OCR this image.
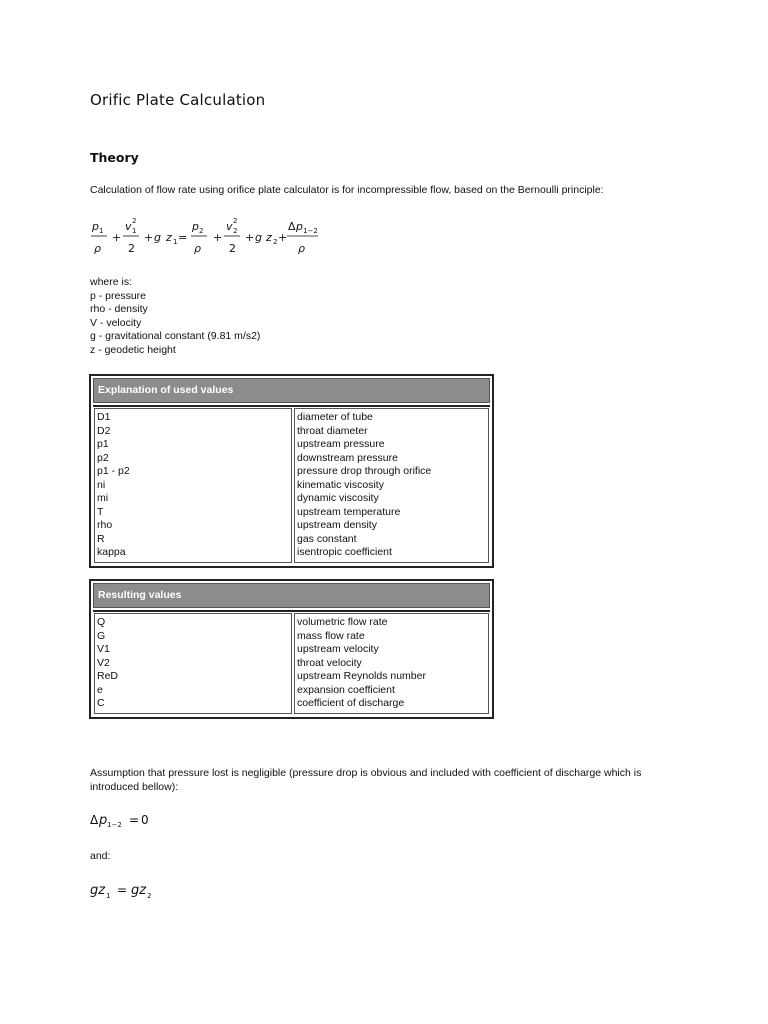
Orific Plate Calculation
Theory

Calculation of flow rate using orifice plate calculator is for incompressible flow, based on the Bernoulli principle:

p 1
ρ
+
v 2
1
2
+ g z 1 =
p 2
ρ
+
v 2
2
2
+ g z 2 +
Δ p 1−2
ρ
where is:
p - pressure
rho - density
V - velocity
g - gravitational constant (9.81 m/s2)
z - geodetic height
Explanation of used values
D1
D2
p1
p2
p1 - p2
ni
mi
T
rho
R
kappa
diameter of tube
throat diameter
upstream pressure
downstream pressure
pressure drop through orifice
kinematic viscosity
dynamic viscosity
upstream temperature
upstream density
gas constant
isentropic coefficient
Resulting values
Q
G
V1
V2
ReD
e
C
volumetric flow rate
mass flow rate
upstream velocity
throat velocity
upstream Reynolds number
expansion coefficient
coefficient of discharge

Assumption that pressure lost is negligible (pressure drop is obvious and included with coefficient of discharge which is introduced bellow):

Δ p 1−2 = 0

and:

gz 1 = gz 2
